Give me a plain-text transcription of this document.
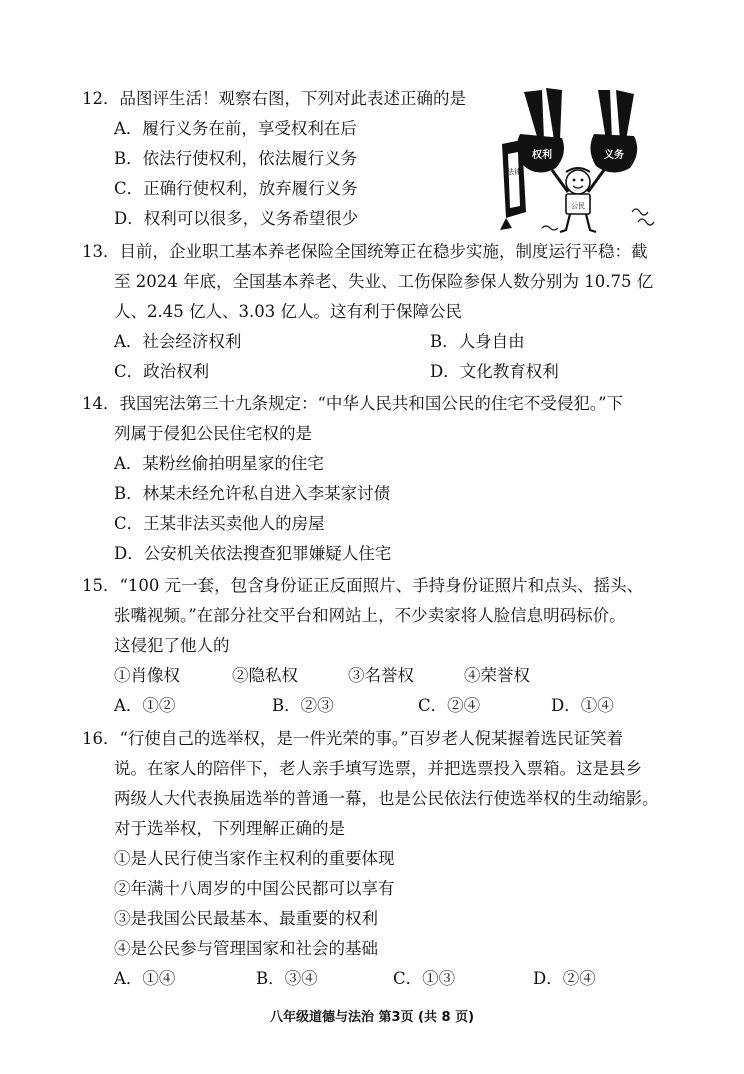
12．品图评生活！观察右图，下列对此表述正确的是
A．履行义务在前，享受权利在后
B．依法行使权利，依法履行义务
C．正确行使权利，放弃履行义务
D．权利可以很多，义务希望很少
权利	义务
公民
法律
13．目前，企业职工基本养老保险全国统筹正在稳步实施，制度运行平稳：截
至 2024 年底，全国基本养老、失业、工伤保险参保人数分别为 10.75 亿
人、2.45 亿人、3.03 亿人。这有利于保障公民
A．社会经济权利	B．人身自由
C．政治权利	D．文化教育权利
14．我国宪法第三十九条规定：“中华人民共和国公民的住宅不受侵犯。”下
列属于侵犯公民住宅权的是
A．某粉丝偷拍明星家的住宅
B．林某未经允许私自进入李某家讨债
C．王某非法买卖他人的房屋
D．公安机关依法搜查犯罪嫌疑人住宅
15．“100 元一套，包含身份证正反面照片、手持身份证照片和点头、摇头、
张嘴视频。”在部分社交平台和网站上，不少卖家将人脸信息明码标价。
这侵犯了他人的
①肖像权	②隐私权	③名誉权	④荣誉权
A．①②	B．②③	C．②④	D．①④
16．“行使自己的选举权，是一件光荣的事。”百岁老人倪某握着选民证笑着
说。在家人的陪伴下，老人亲手填写选票，并把选票投入票箱。这是县乡
两级人大代表换届选举的普通一幕，也是公民依法行使选举权的生动缩影。
对于选举权，下列理解正确的是
①是人民行使当家作主权利的重要体现
②年满十八周岁的中国公民都可以享有
③是我国公民最基本、最重要的权利
④是公民参与管理国家和社会的基础
A．①④	B．③④	C．①③	D．②④
八年级道德与法治 第3页 (共 8 页)
